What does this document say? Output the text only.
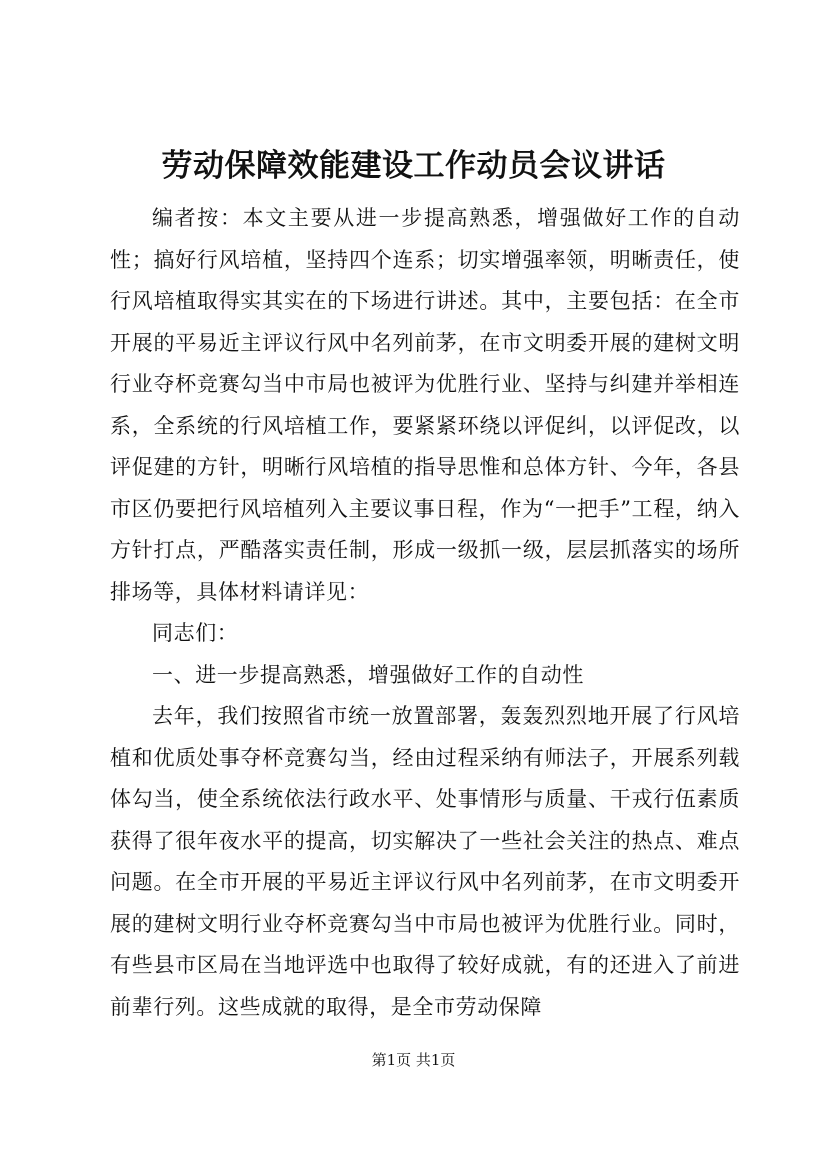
劳动保障效能建设工作动员会议讲话

编者按：本文主要从进一步提高熟悉，增强做好工作的自动性；搞好行风培植，坚持四个连系；切实增强率领，明晰责任，使行风培植取得实其实在的下场进行讲述。其中，主要包括：在全市开展的平易近主评议行风中名列前茅，在市文明委开展的建树文明行业夺杯竞赛勾当中市局也被评为优胜行业、坚持与纠建并举相连系，全系统的行风培植工作，要紧紧环绕以评促纠，以评促改，以评促建的方针，明晰行风培植的指导思惟和总体方针、今年，各县市区仍要把行风培植列入主要议事日程，作为“一把手”工程，纳入方针打点，严酷落实责任制，形成一级抓一级，层层抓落实的场所排场等，具体材料请详见：

同志们：

一、进一步提高熟悉，增强做好工作的自动性

去年，我们按照省市统一放置部署，轰轰烈烈地开展了行风培植和优质处事夺杯竞赛勾当，经由过程采纳有师法子，开展系列载体勾当，使全系统依法行政水平、处事情形与质量、干戎行伍素质获得了很年夜水平的提高，切实解决了一些社会关注的热点、难点问题。在全市开展的平易近主评议行风中名列前茅，在市文明委开展的建树文明行业夺杯竞赛勾当中市局也被评为优胜行业。同时，有些县市区局在当地评选中也取得了较好成就，有的还进入了前进前辈行列。这些成就的取得，是全市劳动保障

第1页 共1页
